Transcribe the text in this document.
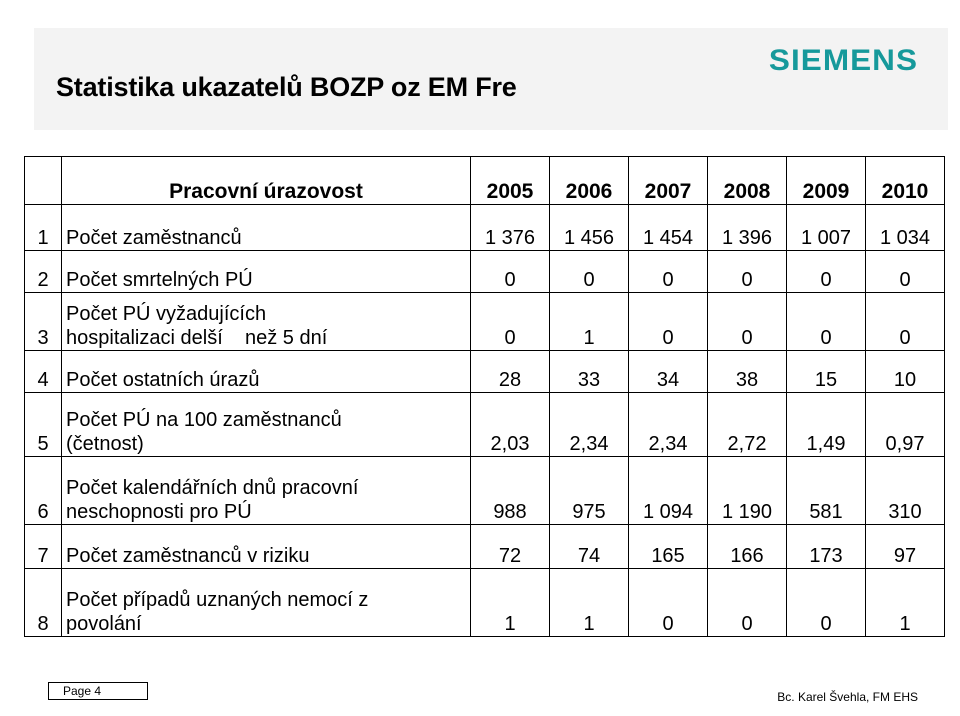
Statistika ukazatelů BOZP oz EM Fre
SIEMENS
	Pracovní úrazovost	2005	2006	2007	2008	2009	2010
1	Počet zaměstnanců	1 376	1 456	1 454	1 396	1 007	1 034
2	Počet smrtelných PÚ	0	0	0	0	0	0
3	Počet PÚ vyžadujících
hospitalizaci delší    než 5 dní	0	1	0	0	0	0
4	Počet ostatních úrazů	28	33	34	38	15	10
5	Počet PÚ na 100 zaměstnanců
(četnost)	2,03	2,34	2,34	2,72	1,49	0,97
6	Počet kalendářních dnů pracovní
neschopnosti pro PÚ	988	975	1 094	1 190	581	310
7	Počet zaměstnanců v riziku	72	74	165	166	173	97
8	Počet případů uznaných nemocí z
povolání	1	1	0	0	0	1
Page 4	Bc. Karel Švehla, FM EHS
